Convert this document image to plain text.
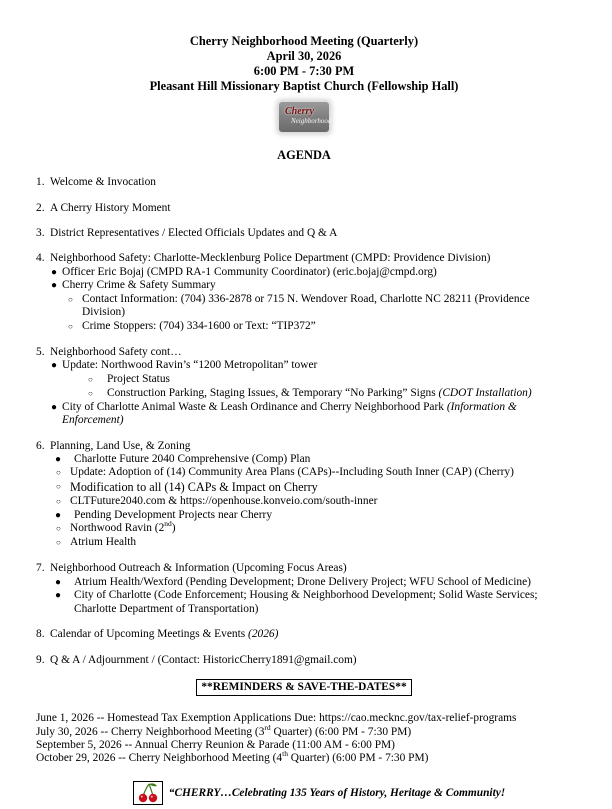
Cherry Neighborhood Meeting (Quarterly)
April 30, 2026
6:00 PM - 7:30 PM
Pleasant Hill Missionary Baptist Church (Fellowship Hall)
Cherry
Neighborhood
AGENDA
1. Welcome & Invocation
2. A Cherry History Moment
3. District Representatives / Elected Officials Updates and Q & A
4. Neighborhood Safety: Charlotte-Mecklenburg Police Department (CMPD: Providence Division)
● Officer Eric Bojaj (CMPD RA-1 Community Coordinator) (eric.bojaj@cmpd.org)
● Cherry Crime & Safety Summary
○ Contact Information: (704) 336-2878 or 715 N. Wendover Road, Charlotte NC 28211 (Providence Division)
○ Crime Stoppers: (704) 334-1600 or Text: “TIP372”
5. Neighborhood Safety cont…
● Update: Northwood Ravin’s “1200 Metropolitan” tower
○	Project Status
○	Construction Parking, Staging Issues, & Temporary “No Parking” Signs (CDOT Installation)
● City of Charlotte Animal Waste & Leash Ordinance and Cherry Neighborhood Park (Information & Enforcement)
6. Planning, Land Use, & Zoning
●	Charlotte Future 2040 Comprehensive (Comp) Plan
○ Update: Adoption of (14) Community Area Plans (CAPs)--Including South Inner (CAP) (Cherry)
○ Modification to all (14) CAPs & Impact on Cherry
○ CLTFuture2040.com & https://openhouse.konveio.com/south-inner
●	Pending Development Projects near Cherry
○ Northwood Ravin (2nd)
○ Atrium Health
7. Neighborhood Outreach & Information (Upcoming Focus Areas)
●	Atrium Health/Wexford (Pending Development; Drone Delivery Project; WFU School of Medicine)
●	City of Charlotte (Code Enforcement; Housing & Neighborhood Development; Solid Waste Services; Charlotte Department of Transportation)
8. Calendar of Upcoming Meetings & Events (2026)
9. Q & A / Adjournment / (Contact: HistoricCherry1891@gmail.com)
**REMINDERS & SAVE-THE-DATES**
June 1, 2026 -- Homestead Tax Exemption Applications Due: https://cao.mecknc.gov/tax-relief-programs
July 30, 2026 -- Cherry Neighborhood Meeting (3rd Quarter) (6:00 PM - 7:30 PM)
September 5, 2026 -- Annual Cherry Reunion & Parade (11:00 AM - 6:00 PM)
October 29, 2026 -- Cherry Neighborhood Meeting (4th Quarter) (6:00 PM - 7:30 PM)
“CHERRY…Celebrating 135 Years of History, Heritage & Community!
